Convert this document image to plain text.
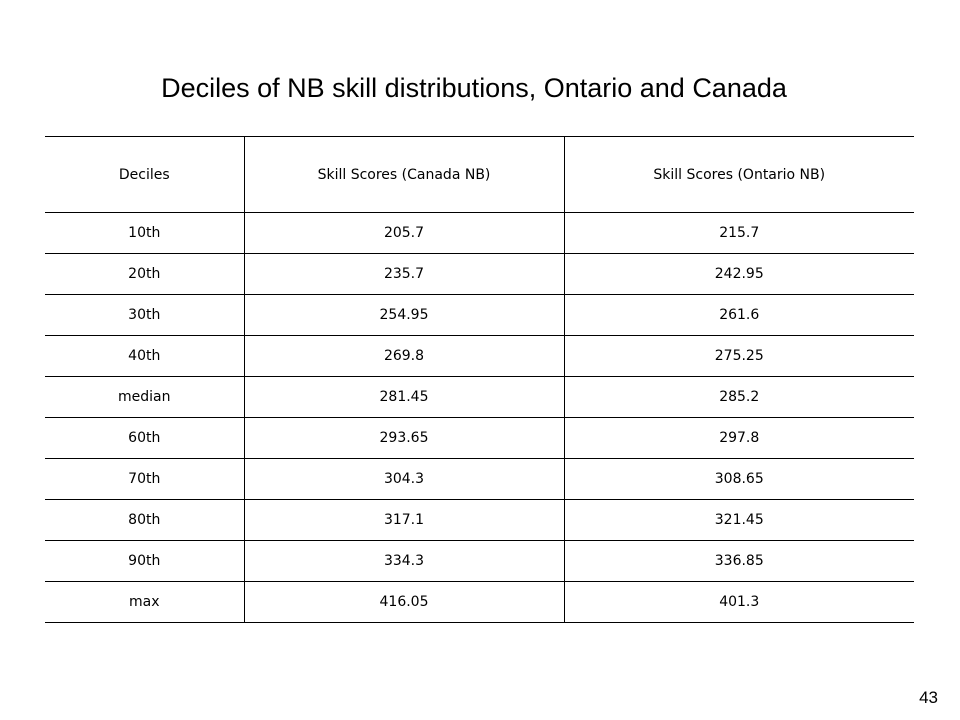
Deciles of NB skill distributions, Ontario and Canada
Deciles	Skill Scores (Canada NB)	Skill Scores (Ontario NB)
10th	205.7	215.7
20th	235.7	242.95
30th	254.95	261.6
40th	269.8	275.25
median	281.45	285.2
60th	293.65	297.8
70th	304.3	308.65
80th	317.1	321.45
90th	334.3	336.85
max	416.05	401.3
43
